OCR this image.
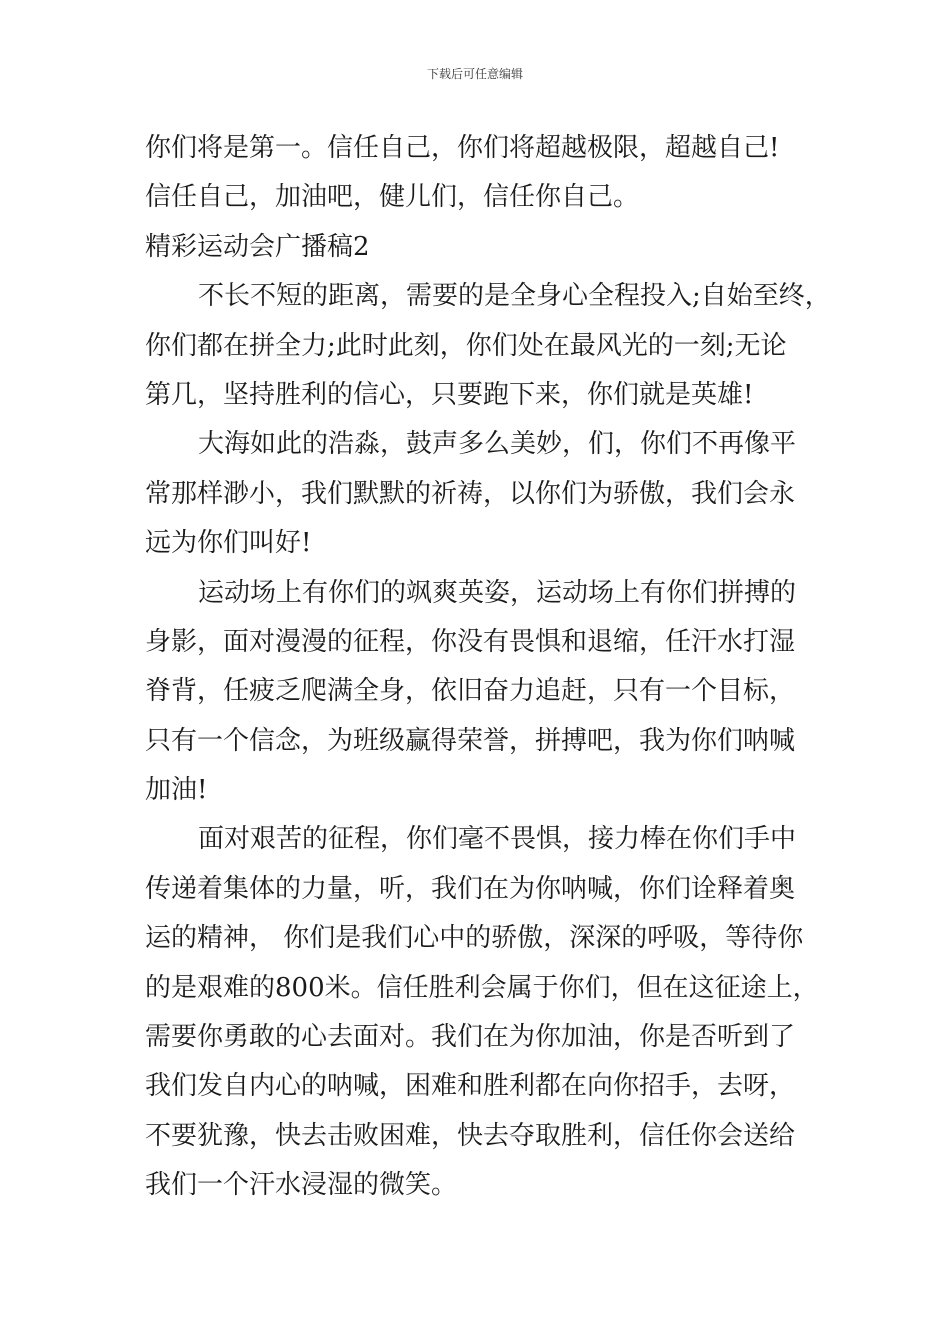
下载后可任意编辑
你们将是第一。信任自己，你们将超越极限，超越自己!
信任自己，加油吧，健儿们，信任你自己。
精彩运动会广播稿2
不长不短的距离，需要的是全身心全程投入;自始至终，
你们都在拼全力;此时此刻，你们处在最风光的一刻;无论
第几，坚持胜利的信心，只要跑下来，你们就是英雄!
大海如此的浩淼，鼓声多么美妙，们，你们不再像平
常那样渺小，我们默默的祈祷，以你们为骄傲，我们会永
远为你们叫好!
运动场上有你们的飒爽英姿，运动场上有你们拼搏的
身影，面对漫漫的征程，你没有畏惧和退缩，任汗水打湿
脊背，任疲乏爬满全身，依旧奋力追赶，只有一个目标，
只有一个信念，为班级赢得荣誉，拼搏吧，我为你们呐喊
加油!
面对艰苦的征程，你们毫不畏惧，接力棒在你们手中
传递着集体的力量，听，我们在为你呐喊，你们诠释着奥
运的精神， 你们是我们心中的骄傲，深深的呼吸，等待你
的是艰难的800米。信任胜利会属于你们，但在这征途上，
需要你勇敢的心去面对。我们在为你加油，你是否听到了
我们发自内心的呐喊，困难和胜利都在向你招手，去呀，
不要犹豫，快去击败困难，快去夺取胜利，信任你会送给
我们一个汗水浸湿的微笑。
